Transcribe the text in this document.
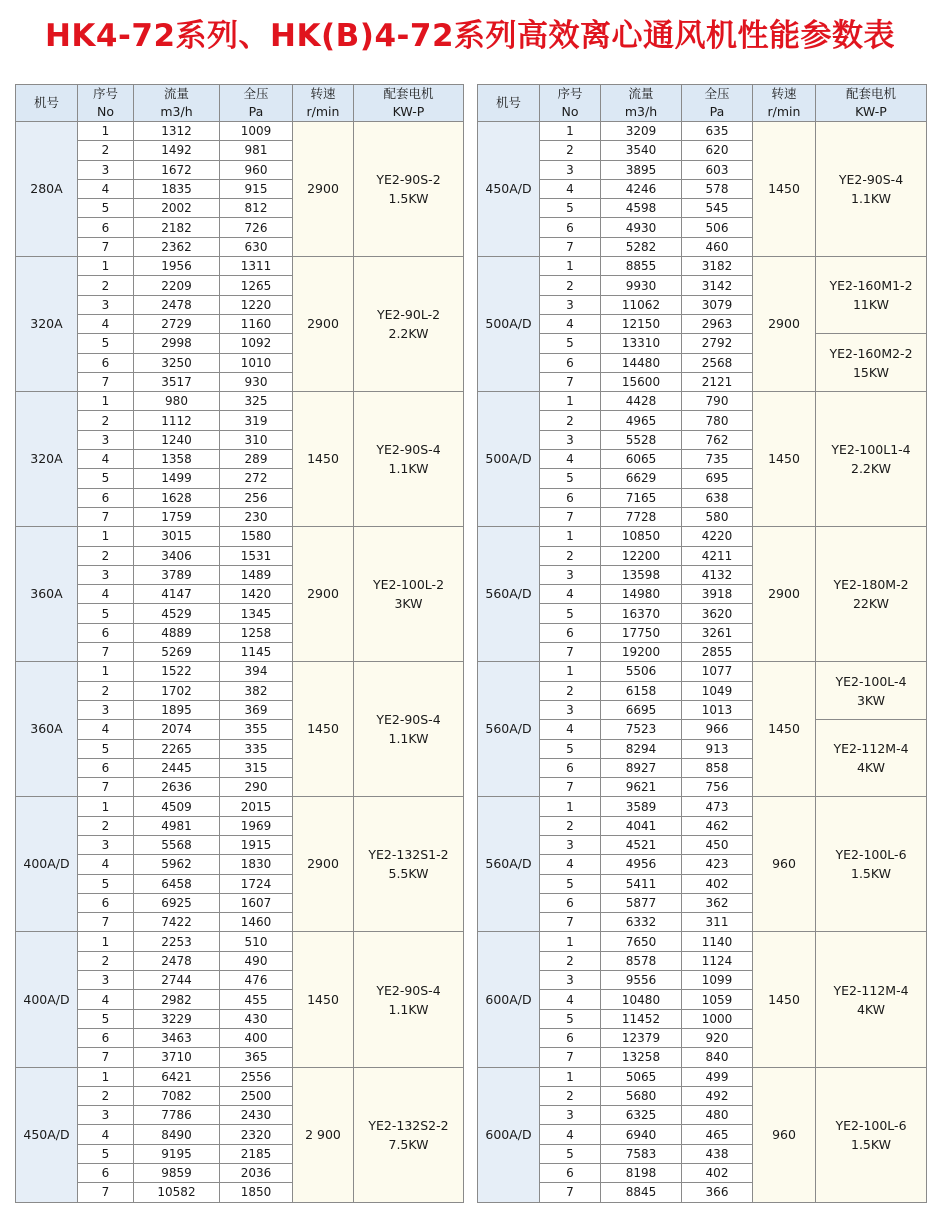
HK4-72系列、HK(B)4-72系列高效离心通风机性能参数表
机号	序号	流量	全压	转速	配套电机
	No	m3/h	Pa	r/min	KW-P
280A	1	1312	1009	2900	YE2-90S-2
1.5KW

	2	1492	981		
	3	1672	960		
	4	1835	915		
	5	2002	812		
	6	2182	726		
	7	2362	630		
320A	1	1956	1311	2900	YE2-90L-2
2.2KW

	2	2209	1265		
	3	2478	1220		
	4	2729	1160		
	5	2998	1092		
	6	3250	1010		
	7	3517	930		
320A	1	980	325	1450	YE2-90S-4
1.1KW

	2	1112	319		
	3	1240	310		
	4	1358	289		
	5	1499	272		
	6	1628	256		
	7	1759	230		
360A	1	3015	1580	2900	YE2-100L-2
3KW

	2	3406	1531		
	3	3789	1489		
	4	4147	1420		
	5	4529	1345		
	6	4889	1258		
	7	5269	1145		
360A	1	1522	394	1450	YE2-90S-4
1.1KW

	2	1702	382		
	3	1895	369		
	4	2074	355		
	5	2265	335		
	6	2445	315		
	7	2636	290		
400A/D	1	4509	2015	2900	YE2-132S1-2
5.5KW

	2	4981	1969		
	3	5568	1915		
	4	5962	1830		
	5	6458	1724		
	6	6925	1607		
	7	7422	1460		
400A/D	1	2253	510	1450	YE2-90S-4
1.1KW

	2	2478	490		
	3	2744	476		
	4	2982	455		
	5	3229	430		
	6	3463	400		
	7	3710	365		
450A/D	1	6421	2556	2 900	YE2-132S2-2
7.5KW

	2	7082	2500		
	3	7786	2430		
	4	8490	2320		
	5	9195	2185		
	6	9859	2036		
	7	10582	1850		
机号	序号	流量	全压	转速	配套电机
	No	m3/h	Pa	r/min	KW-P
450A/D	1	3209	635	1450	YE2-90S-4
1.1KW

	2	3540	620		
	3	3895	603		
	4	4246	578		
	5	4598	545		
	6	4930	506		
	7	5282	460		
500A/D	1	8855	3182	2900	YE2-160M1-2
11KW

	2	9930	3142		
	3	11062	3079		
	4	12150	2963		
	5	13310	2792		YE2-160M2-2
15KW

	6	14480	2568		
	7	15600	2121		
500A/D	1	4428	790	1450	YE2-100L1-4
2.2KW

	2	4965	780		
	3	5528	762		
	4	6065	735		
	5	6629	695		
	6	7165	638		
	7	7728	580		
560A/D	1	10850	4220	2900	YE2-180M-2
22KW

	2	12200	4211		
	3	13598	4132		
	4	14980	3918		
	5	16370	3620		
	6	17750	3261		
	7	19200	2855		
560A/D	1	5506	1077	1450	YE2-100L-4
3KW

	2	6158	1049		
	3	6695	1013		
	4	7523	966		YE2-112M-4
4KW

	5	8294	913		
	6	8927	858		
	7	9621	756		
560A/D	1	3589	473	960	YE2-100L-6
1.5KW

	2	4041	462		
	3	4521	450		
	4	4956	423		
	5	5411	402		
	6	5877	362		
	7	6332	311		
600A/D	1	7650	1140	1450	YE2-112M-4
4KW

	2	8578	1124		
	3	9556	1099		
	4	10480	1059		
	5	11452	1000		
	6	12379	920		
	7	13258	840		
600A/D	1	5065	499	960	YE2-100L-6
1.5KW

	2	5680	492		
	3	6325	480		
	4	6940	465		
	5	7583	438		
	6	8198	402		
	7	8845	366		
